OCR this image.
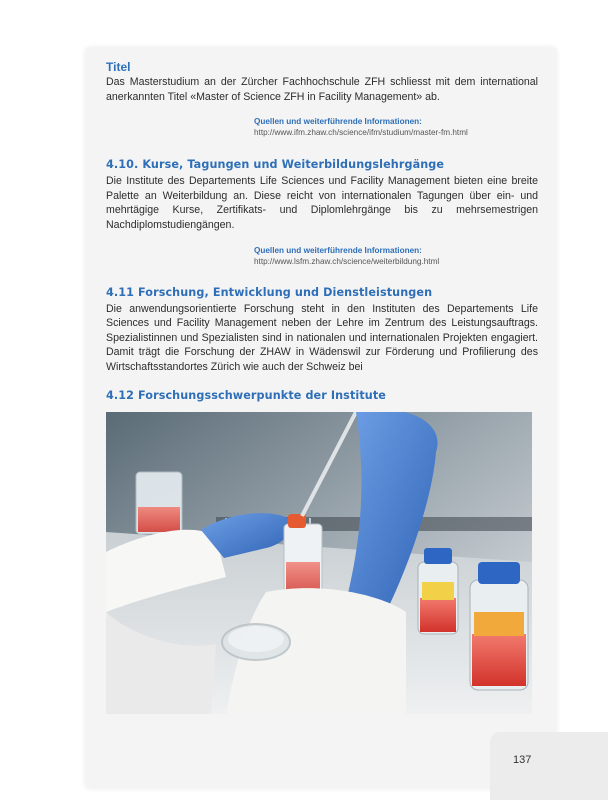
Titel

Das Masterstudium an der Zürcher Fachhochschule ZFH schliesst mit dem international anerkannten Titel «Master of Science ZFH in Facility Management» ab.

Quellen und weiterführende Informationen:
http://www.ifm.zhaw.ch/science/ifm/studium/master-fm.html
4.10. Kurse, Tagungen und Weiterbildungslehrgänge

Die Institute des Departements Life Sciences und Facility Management bieten eine breite Palette an Weiterbildung an. Diese reicht von internationalen Tagungen über ein- und mehrtägige Kurse, Zertifikats- und Diplomlehrgänge bis zu mehrsemestrigen Nachdiplomstudiengängen.

Quellen und weiterführende Informationen:
http://www.lsfm.zhaw.ch/science/weiterbildung.html
4.11 Forschung, Entwicklung und Dienstleistungen

Die anwendungsorientierte Forschung steht in den Instituten des Departements Life Sciences und Facility Management neben der Lehre im Zentrum des Leistungsauftrags. Spezialistinnen und Spezialisten sind in nationalen und internationalen Projekten engagiert. Damit trägt die Forschung der ZHAW in Wädenswil zur Förderung und Profilierung des Wirtschaftsstandortes Zürich wie auch der Schweiz bei

4.12 Forschungsschwerpunkte der Institute
137
